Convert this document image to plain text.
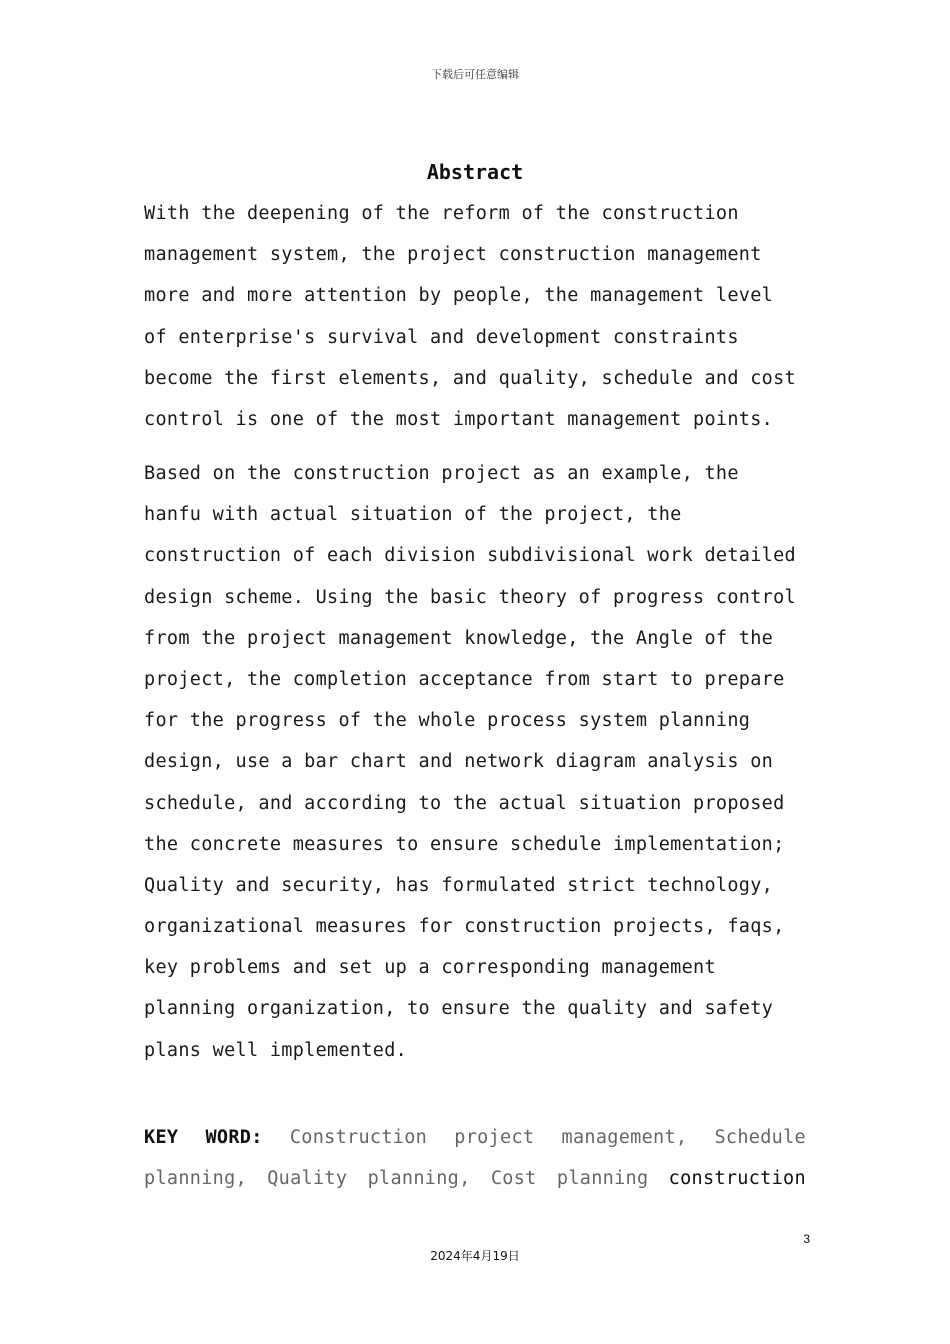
下载后可任意编辑
Abstract
With the deepening of the reform of the construction
management system, the project construction management
more and more attention by people, the management level
of enterprise's survival and development constraints
become the first elements, and quality, schedule and cost
control is one of the most important management points.
Based on the construction project as an example, the
hanfu with actual situation of the project, the
construction of each division subdivisional work detailed
design scheme. Using the basic theory of progress control
from the project management knowledge, the Angle of the
project, the completion acceptance from start to prepare
for the progress of the whole process system planning
design, use a bar chart and network diagram analysis on
schedule, and according to the actual situation proposed
the concrete measures to ensure schedule implementation;
Quality and security, has formulated strict technology,
organizational measures for construction projects, faqs,
key problems and set up a corresponding management
planning organization, to ensure the quality and safety
plans well implemented.
KEY WORD: Construction project management, Schedule
planning, Quality planning, Cost planning construction
3
2024年4月19日
